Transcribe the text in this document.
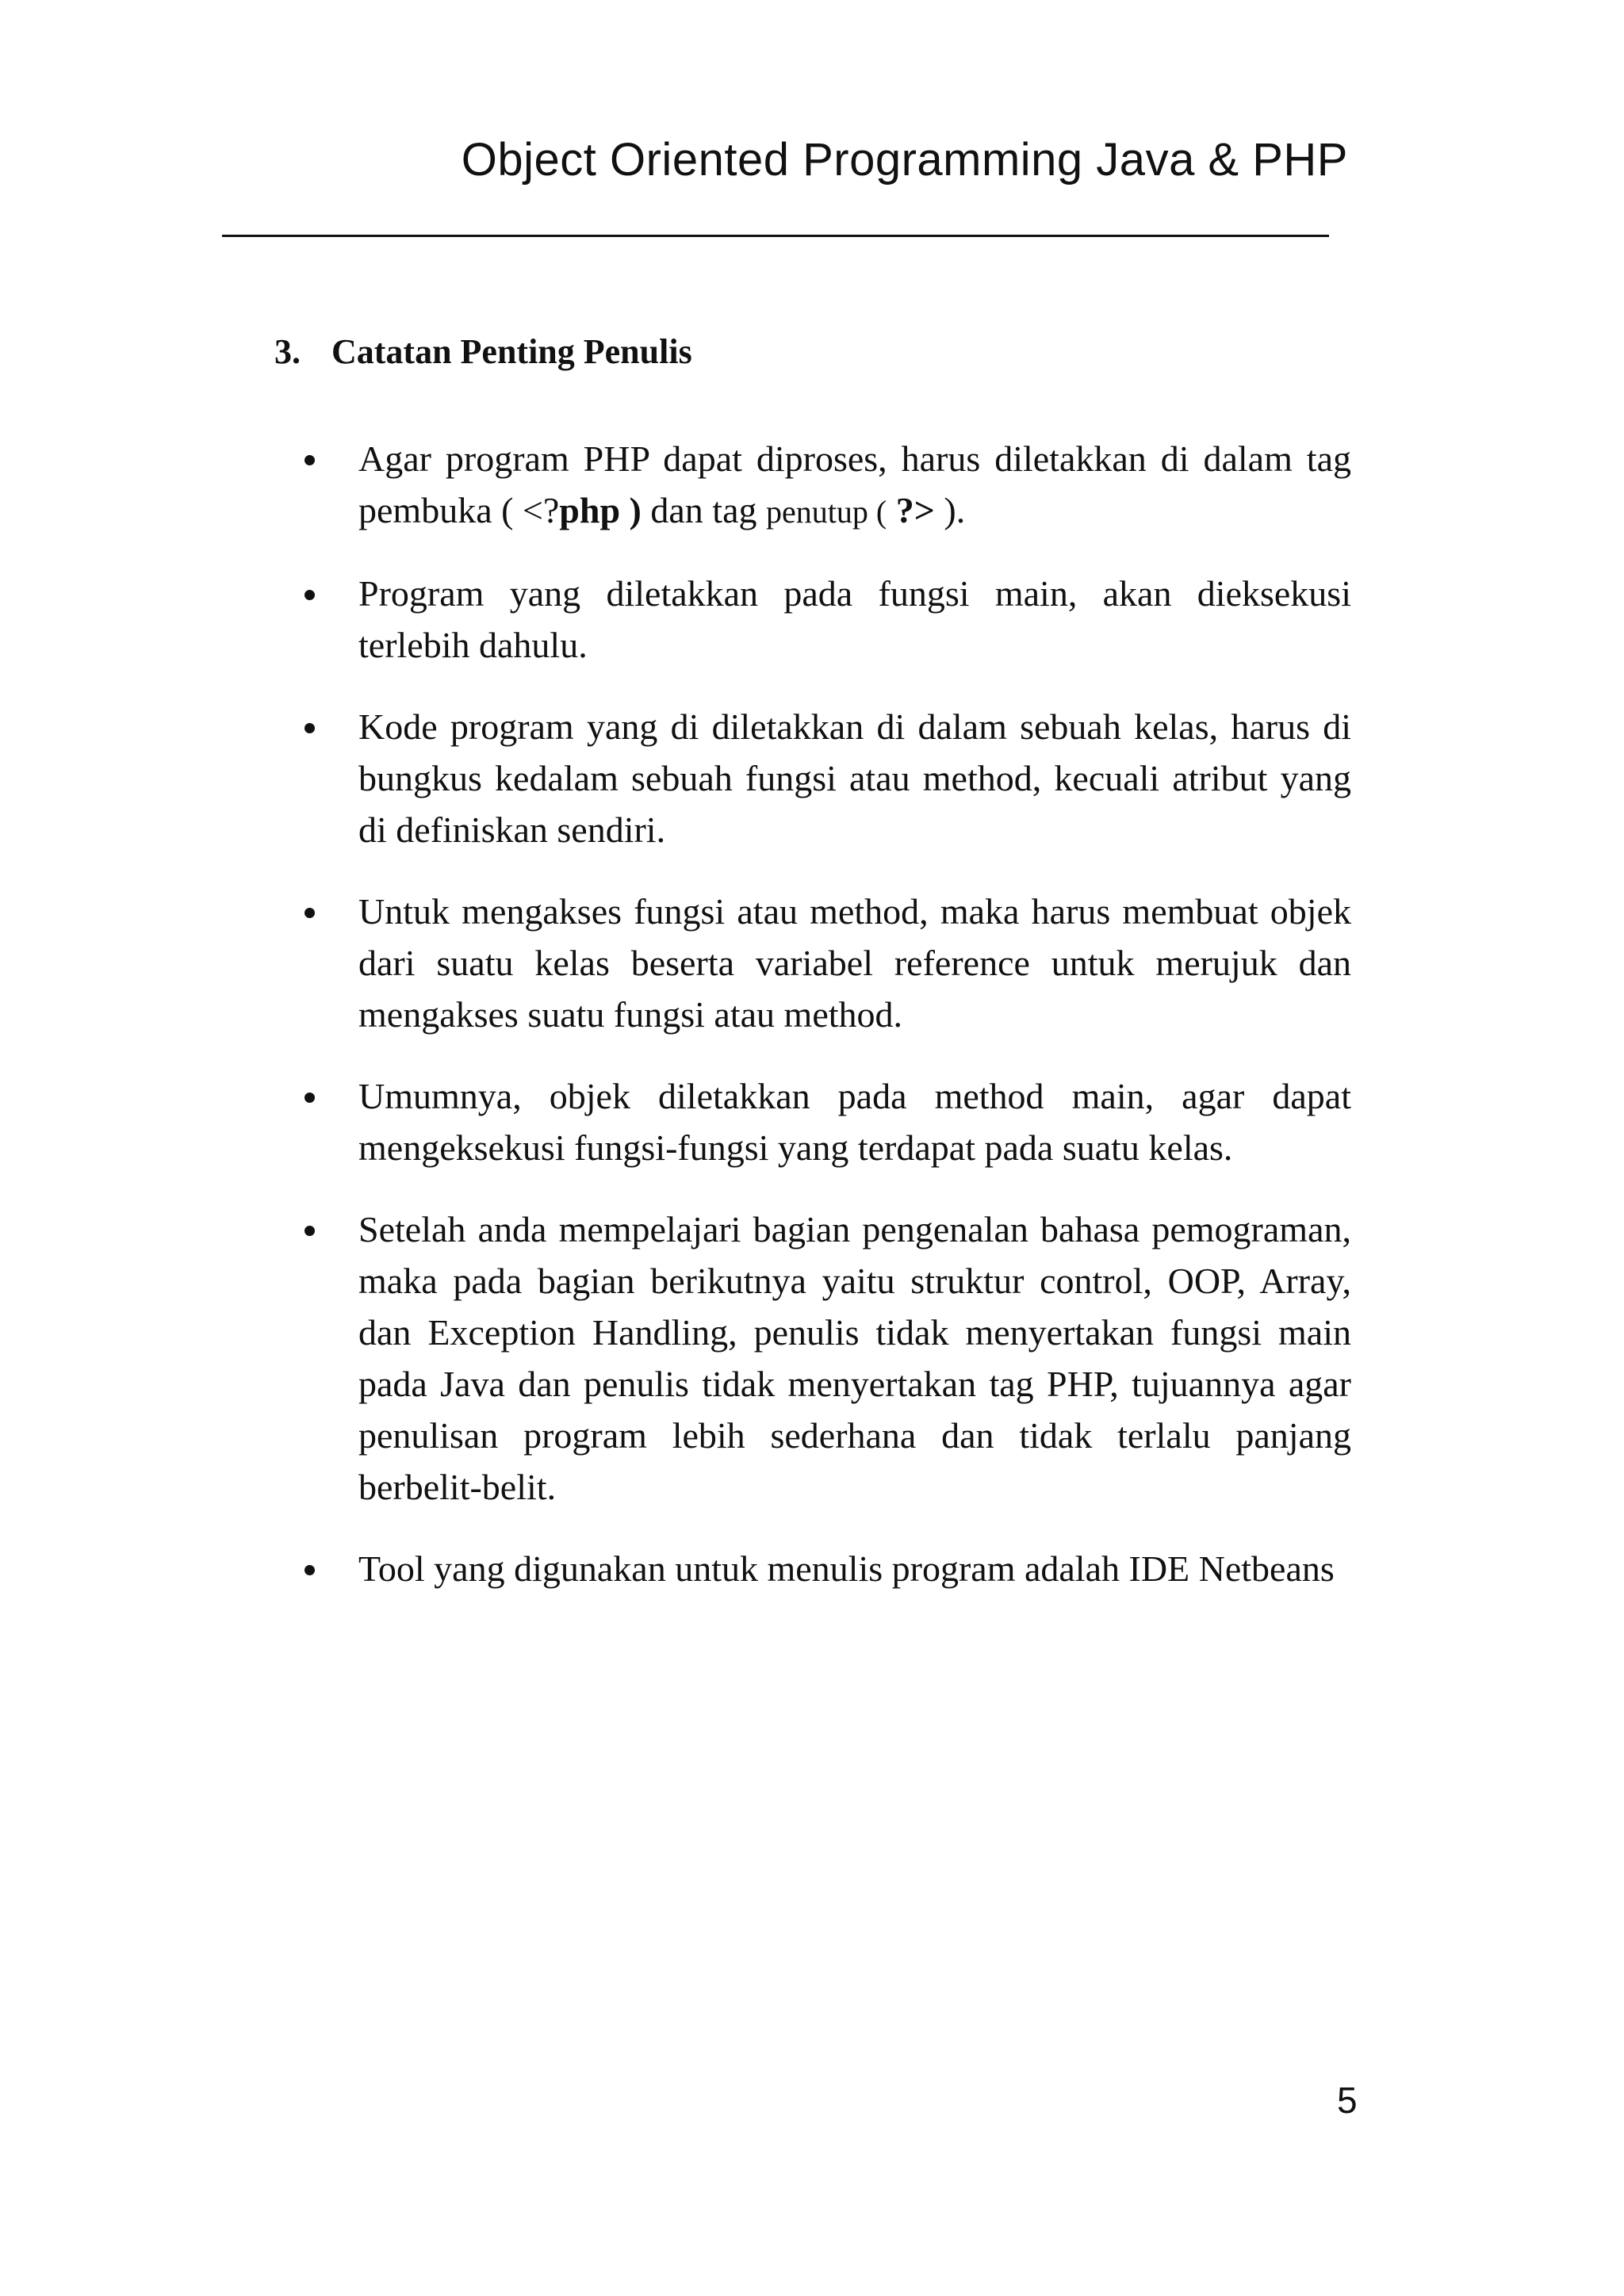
Object Oriented Programming Java & PHP
3. Catatan Penting Penulis
Agar program PHP dapat diproses, harus diletakkan di dalam tag pembuka ( <?php ) dan tag penutup ( ?> ).
Program yang diletakkan pada fungsi main, akan dieksekusi terlebih dahulu.
Kode program yang di diletakkan di dalam sebuah kelas, harus di bungkus kedalam sebuah fungsi atau method, kecuali atribut yang di definiskan sendiri.
Untuk mengakses fungsi atau method, maka harus membuat objek dari suatu kelas beserta variabel reference untuk merujuk dan mengakses suatu fungsi atau method.
Umumnya, objek diletakkan pada method main, agar dapat mengeksekusi fungsi-fungsi yang terdapat pada suatu kelas.
Setelah anda mempelajari bagian pengenalan bahasa pemograman, maka pada bagian berikutnya yaitu struktur control, OOP, Array, dan Exception Handling, penulis tidak menyertakan fungsi main pada Java dan penulis tidak menyertakan tag PHP, tujuannya agar penulisan program lebih sederhana dan tidak terlalu panjang berbelit-belit.
Tool yang digunakan untuk menulis program adalah IDE Netbeans
5
